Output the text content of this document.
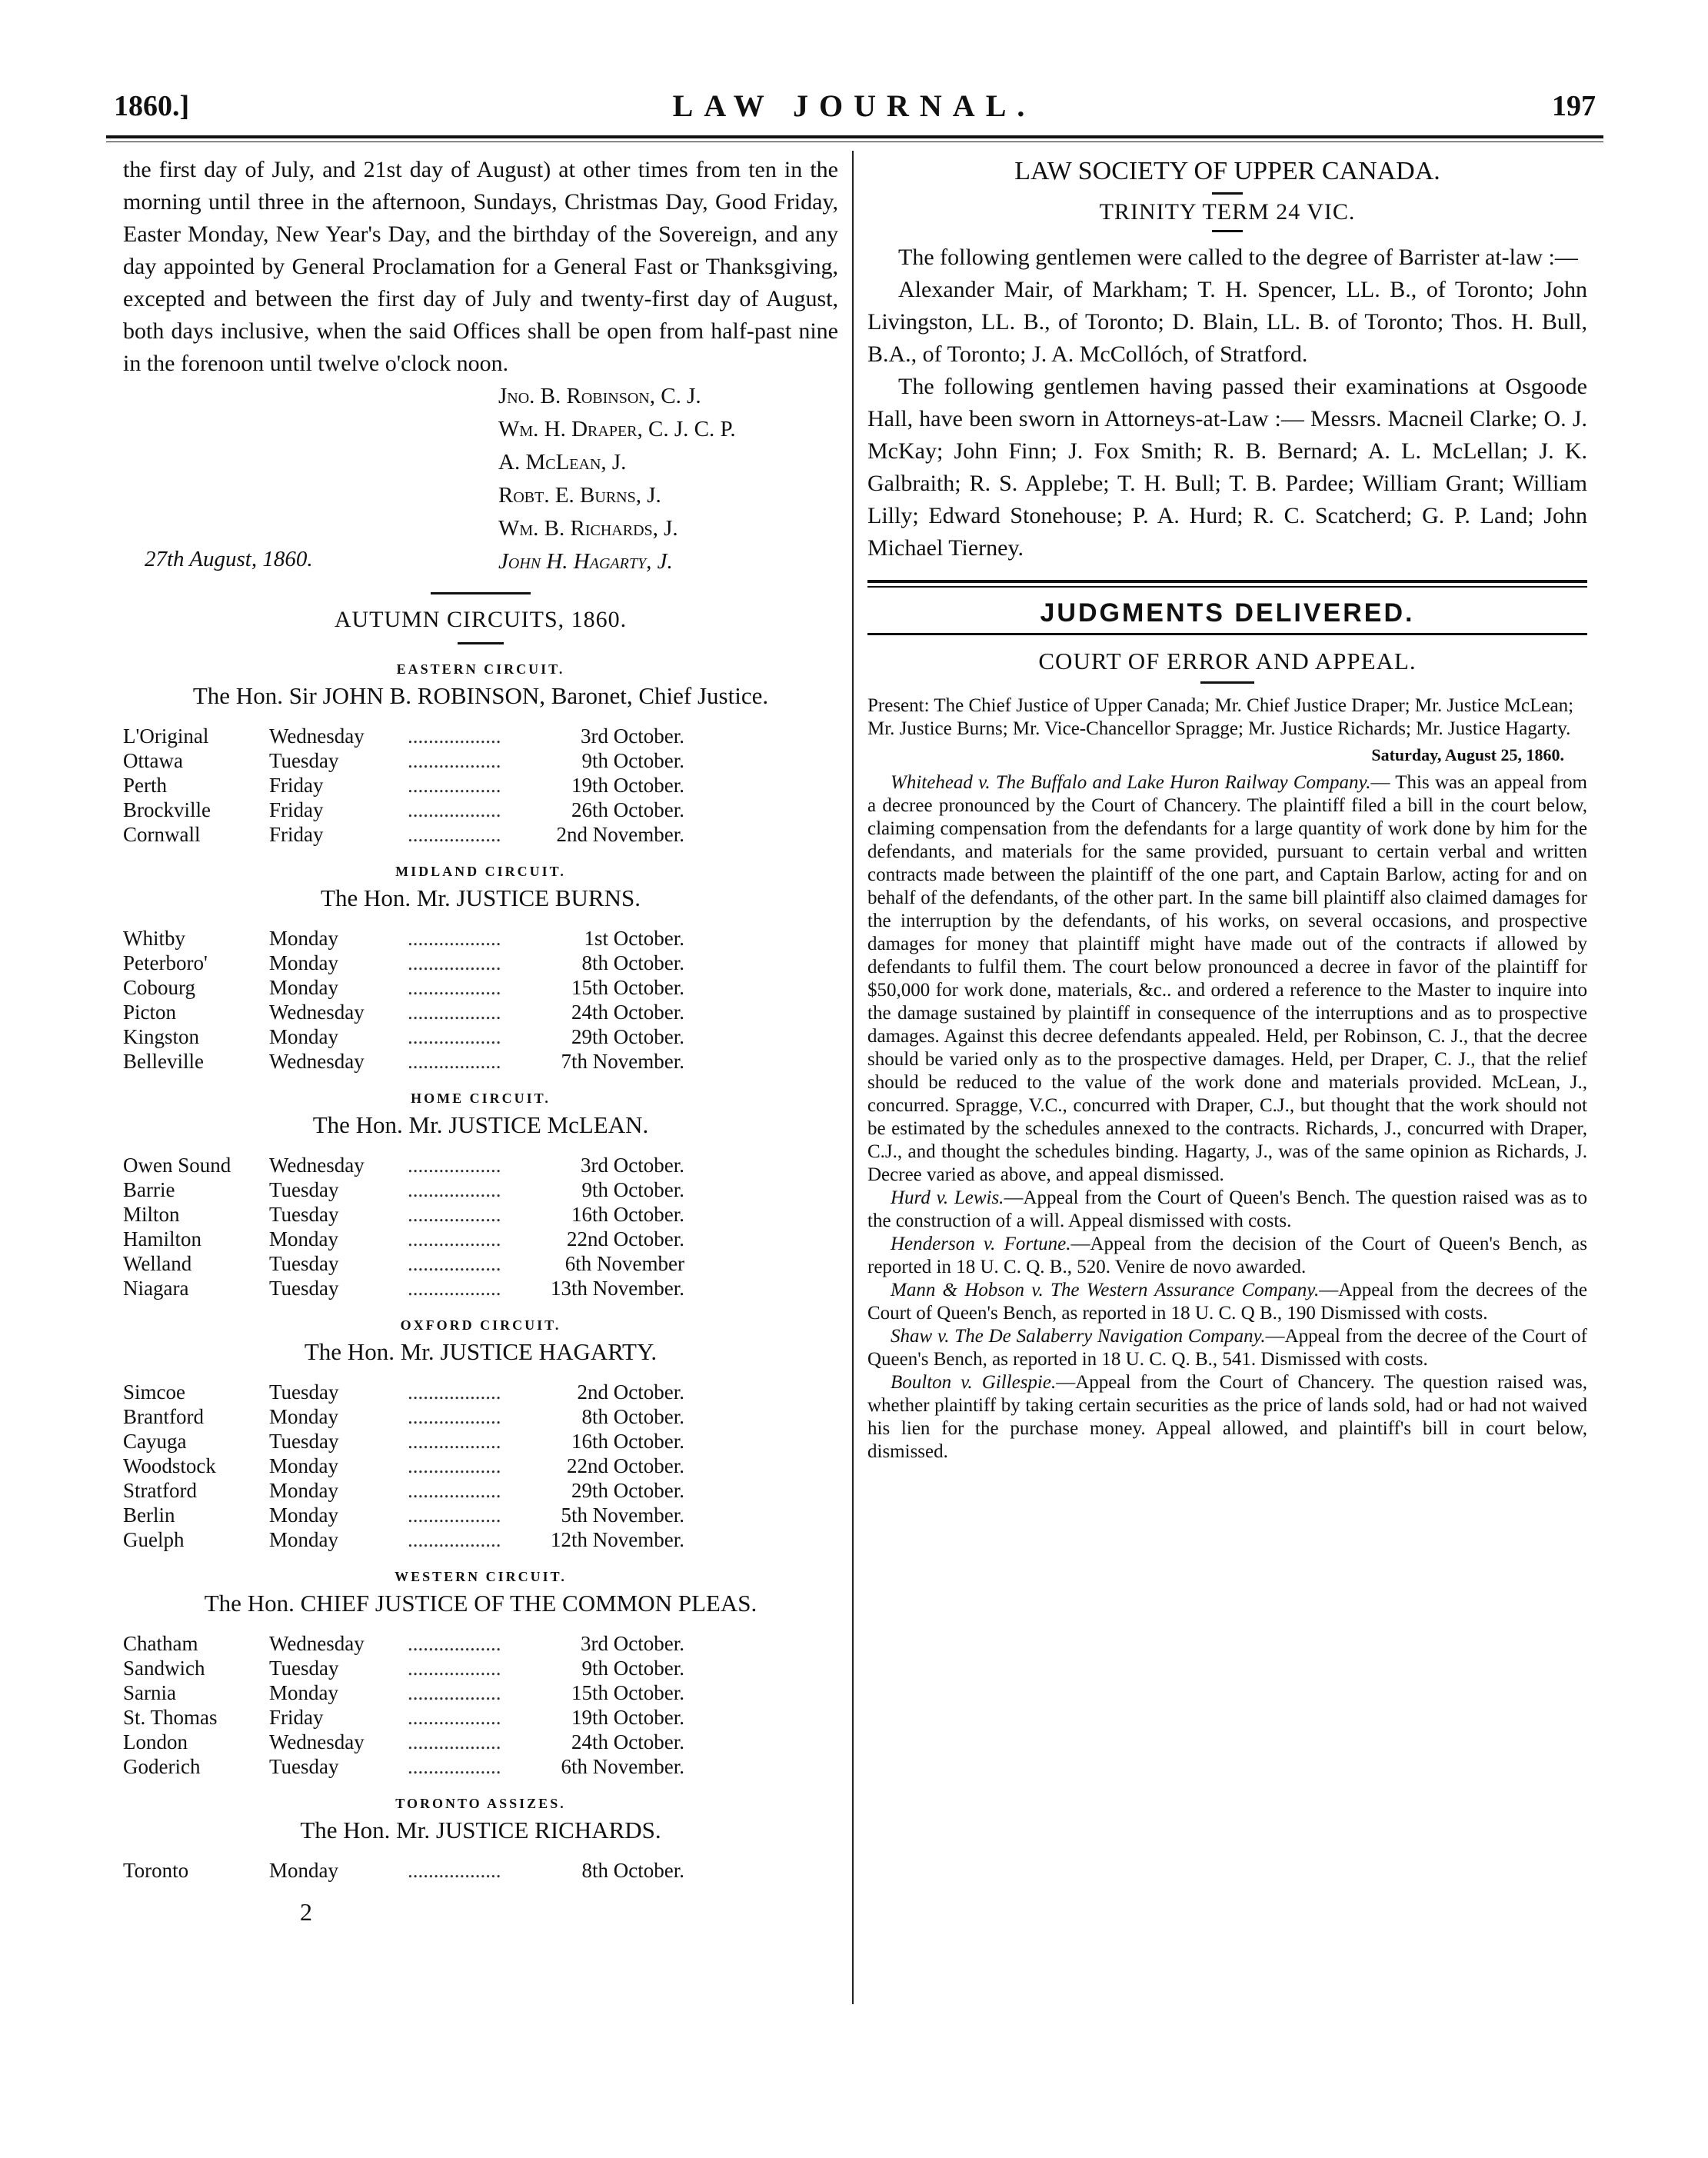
1860.]	LAW JOURNAL.	197

the first day of July, and 21st day of August) at other times from ten in the morning until three in the afternoon, Sundays, Christmas Day, Good Friday, Easter Monday, New Year's Day, and the birthday of the Sovereign, and any day appointed by General Proclamation for a General Fast or Thanksgiving, excepted and between the first day of July and twenty-first day of August, both days inclusive, when the said Offices shall be open from half-past nine in the forenoon until twelve o'clock noon.

Jno. B. Robinson, C. J.
Wm. H. Draper, C. J. C. P.
A. McLean, J.
Robt. E. Burns, J.
Wm. B. Richards, J.
John H. Hagarty, J.
27th August, 1860.
AUTUMN CIRCUITS, 1860.
EASTERN CIRCUIT.
The Hon. Sir JOHN B. ROBINSON, Baronet, Chief Justice.
L'Original	Wednesday	..................	3rd October.
Ottawa	Tuesday	..................	9th October.
Perth	Friday	..................	19th October.
Brockville	Friday	..................	26th October.
Cornwall	Friday	..................	2nd November.
MIDLAND CIRCUIT.
The Hon. Mr. JUSTICE BURNS.
Whitby	Monday	..................	1st October.
Peterboro'	Monday	..................	8th October.
Cobourg	Monday	..................	15th October.
Picton	Wednesday	..................	24th October.
Kingston	Monday	..................	29th October.
Belleville	Wednesday	..................	7th November.
HOME CIRCUIT.
The Hon. Mr. JUSTICE McLEAN.
Owen Sound	Wednesday	..................	3rd October.
Barrie	Tuesday	..................	9th October.
Milton	Tuesday	..................	16th October.
Hamilton	Monday	..................	22nd October.
Welland	Tuesday	..................	6th November
Niagara	Tuesday	..................	13th November.
OXFORD CIRCUIT.
The Hon. Mr. JUSTICE HAGARTY.
Simcoe	Tuesday	..................	2nd October.
Brantford	Monday	..................	8th October.
Cayuga	Tuesday	..................	16th October.
Woodstock	Monday	..................	22nd October.
Stratford	Monday	..................	29th October.
Berlin	Monday	..................	5th November.
Guelph	Monday	..................	12th November.
WESTERN CIRCUIT.
The Hon. CHIEF JUSTICE OF THE COMMON PLEAS.
Chatham	Wednesday	..................	3rd October.
Sandwich	Tuesday	..................	9th October.
Sarnia	Monday	..................	15th October.
St. Thomas	Friday	..................	19th October.
London	Wednesday	..................	24th October.
Goderich	Tuesday	..................	6th November.
TORONTO ASSIZES.
The Hon. Mr. JUSTICE RICHARDS.
Toronto	Monday	..................	8th October.
2
LAW SOCIETY OF UPPER CANADA.
TRINITY TERM 24 VIC.

The following gentlemen were called to the degree of Barrister at-law :—

Alexander Mair, of Markham; T. H. Spencer, LL. B., of Toronto; John Livingston, LL. B., of Toronto; D. Blain, LL. B. of Toronto; Thos. H. Bull, B.A., of Toronto; J. A. McCollóch, of Stratford.

The following gentlemen having passed their examinations at Osgoode Hall, have been sworn in Attorneys-at-Law :— Messrs. Macneil Clarke; O. J. McKay; John Finn; J. Fox Smith; R. B. Bernard; A. L. McLellan; J. K. Galbraith; R. S. Applebe; T. H. Bull; T. B. Pardee; William Grant; William Lilly; Edward Stonehouse; P. A. Hurd; R. C. Scatcherd; G. P. Land; John Michael Tierney.

JUDGMENTS DELIVERED.
COURT OF ERROR AND APPEAL.

Present: The Chief Justice of Upper Canada; Mr. Chief Justice Draper; Mr. Justice McLean; Mr. Justice Burns; Mr. Vice-Chancellor Spragge; Mr. Justice Richards; Mr. Justice Hagarty.

Saturday, August 25, 1860.

Whitehead v. The Buffalo and Lake Huron Railway Company.— This was an appeal from a decree pronounced by the Court of Chancery. The plaintiff filed a bill in the court below, claiming compensation from the defendants for a large quantity of work done by him for the defendants, and materials for the same provided, pursuant to certain verbal and written contracts made between the plaintiff of the one part, and Captain Barlow, acting for and on behalf of the defendants, of the other part. In the same bill plaintiff also claimed damages for the interruption by the defendants, of his works, on several occasions, and prospective damages for money that plaintiff might have made out of the contracts if allowed by defendants to fulfil them. The court below pronounced a decree in favor of the plaintiff for $50,000 for work done, materials, &c.. and ordered a reference to the Master to inquire into the damage sustained by plaintiff in consequence of the interruptions and as to prospective damages. Against this decree defendants appealed. Held, per Robinson, C. J., that the decree should be varied only as to the prospective damages. Held, per Draper, C. J., that the relief should be reduced to the value of the work done and materials provided. McLean, J., concurred. Spragge, V.C., concurred with Draper, C.J., but thought that the work should not be estimated by the schedules annexed to the contracts. Richards, J., concurred with Draper, C.J., and thought the schedules binding. Hagarty, J., was of the same opinion as Richards, J. Decree varied as above, and appeal dismissed.

Hurd v. Lewis.—Appeal from the Court of Queen's Bench. The question raised was as to the construction of a will. Appeal dismissed with costs.

Henderson v. Fortune.—Appeal from the decision of the Court of Queen's Bench, as reported in 18 U. C. Q. B., 520. Venire de novo awarded.

Mann & Hobson v. The Western Assurance Company.—Appeal from the decrees of the Court of Queen's Bench, as reported in 18 U. C. Q B., 190 Dismissed with costs.

Shaw v. The De Salaberry Navigation Company.—Appeal from the decree of the Court of Queen's Bench, as reported in 18 U. C. Q. B., 541. Dismissed with costs.

Boulton v. Gillespie.—Appeal from the Court of Chancery. The question raised was, whether plaintiff by taking certain securities as the price of lands sold, had or had not waived his lien for the purchase money. Appeal allowed, and plaintiff's bill in court below, dismissed.
